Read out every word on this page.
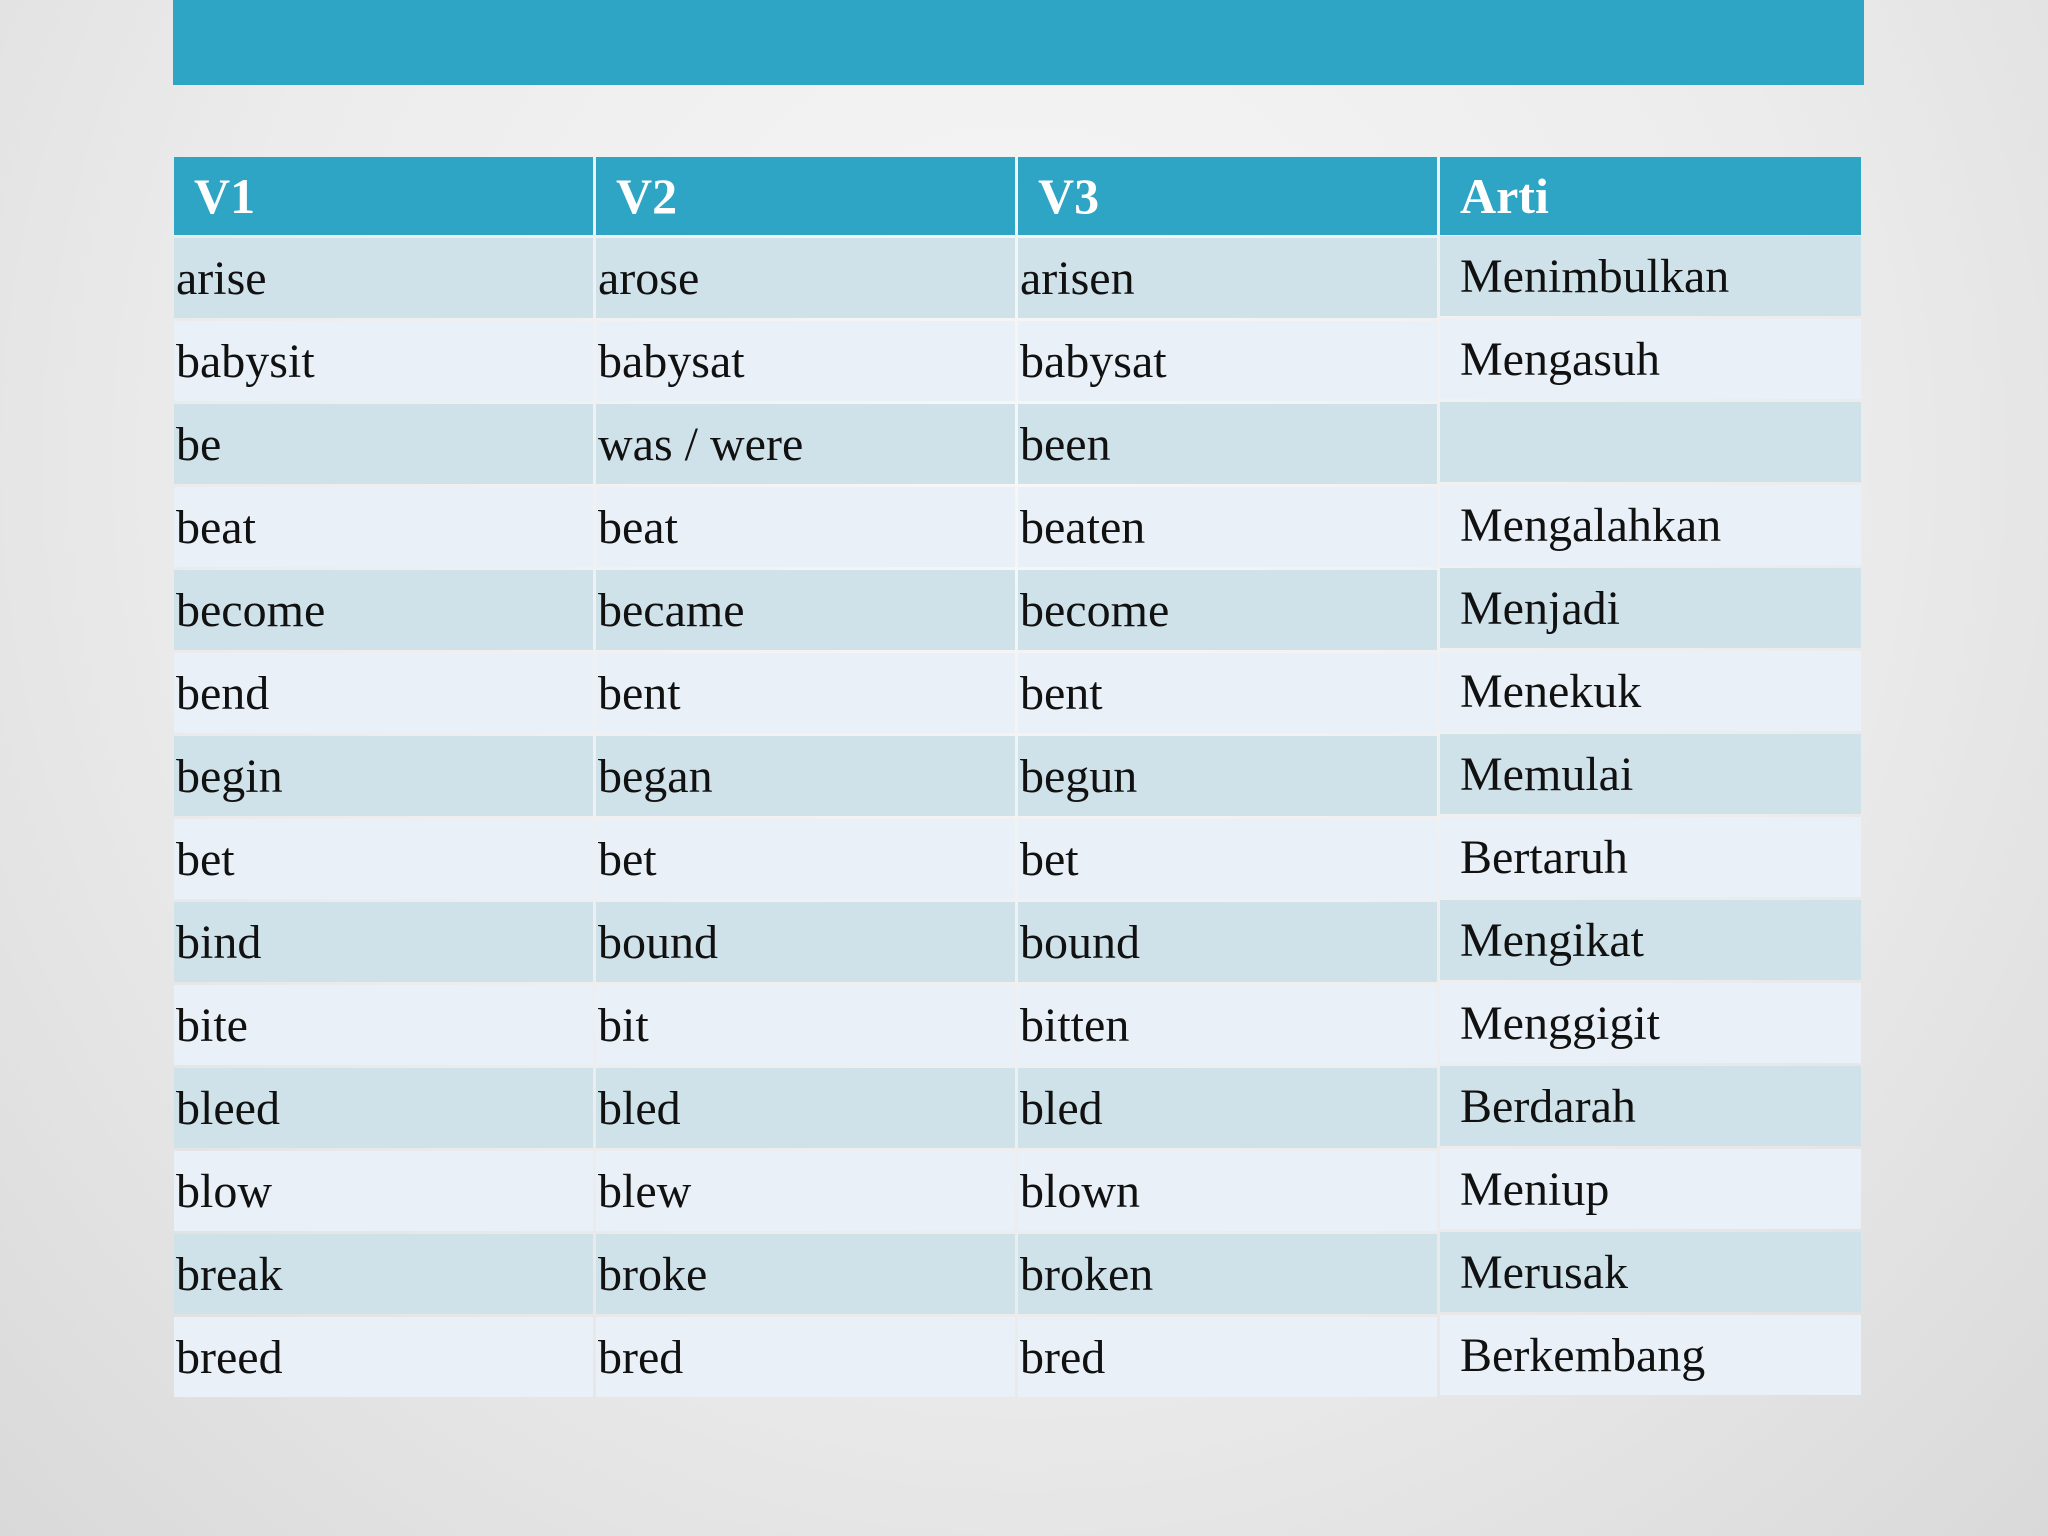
V1	V2	V3	Arti
arise	arose	arisen	Menimbulkan
babysit	babysat	babysat	Mengasuh
be	was / were	been	
beat	beat	beaten	Mengalahkan
become	became	become	Menjadi
bend	bent	bent	Menekuk
begin	began	begun	Memulai
bet	bet	bet	Bertaruh
bind	bound	bound	Mengikat
bite	bit	bitten	Menggigit
bleed	bled	bled	Berdarah
blow	blew	blown	Meniup
break	broke	broken	Merusak
breed	bred	bred	Berkembang
